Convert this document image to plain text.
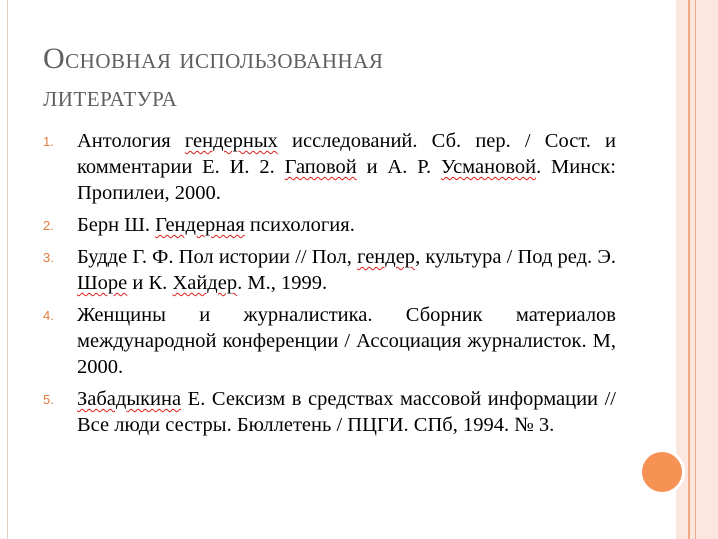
Основная использованная
литература
1. Антология гендерных исследований. Сб. пер. / Сост. и комментарии Е. И. 2. Гаповой и А. Р. Усмановой. Минск: Пропилеи, 2000.
2. Берн Ш. Гендерная психология.
3. Будде Г. Ф. Пол истории // Пол, гендер, культура / Под ред. Э. Шоре и К. Хайдер. М., 1999.
4. Женщины и журналистика. Сборник материалов международной конференции / Ассоциация журналисток. М, 2000.
5. Забадыкина Е. Сексизм в средствах массовой информации // Все люди сестры. Бюллетень / ПЦГИ. СПб, 1994. № 3.
